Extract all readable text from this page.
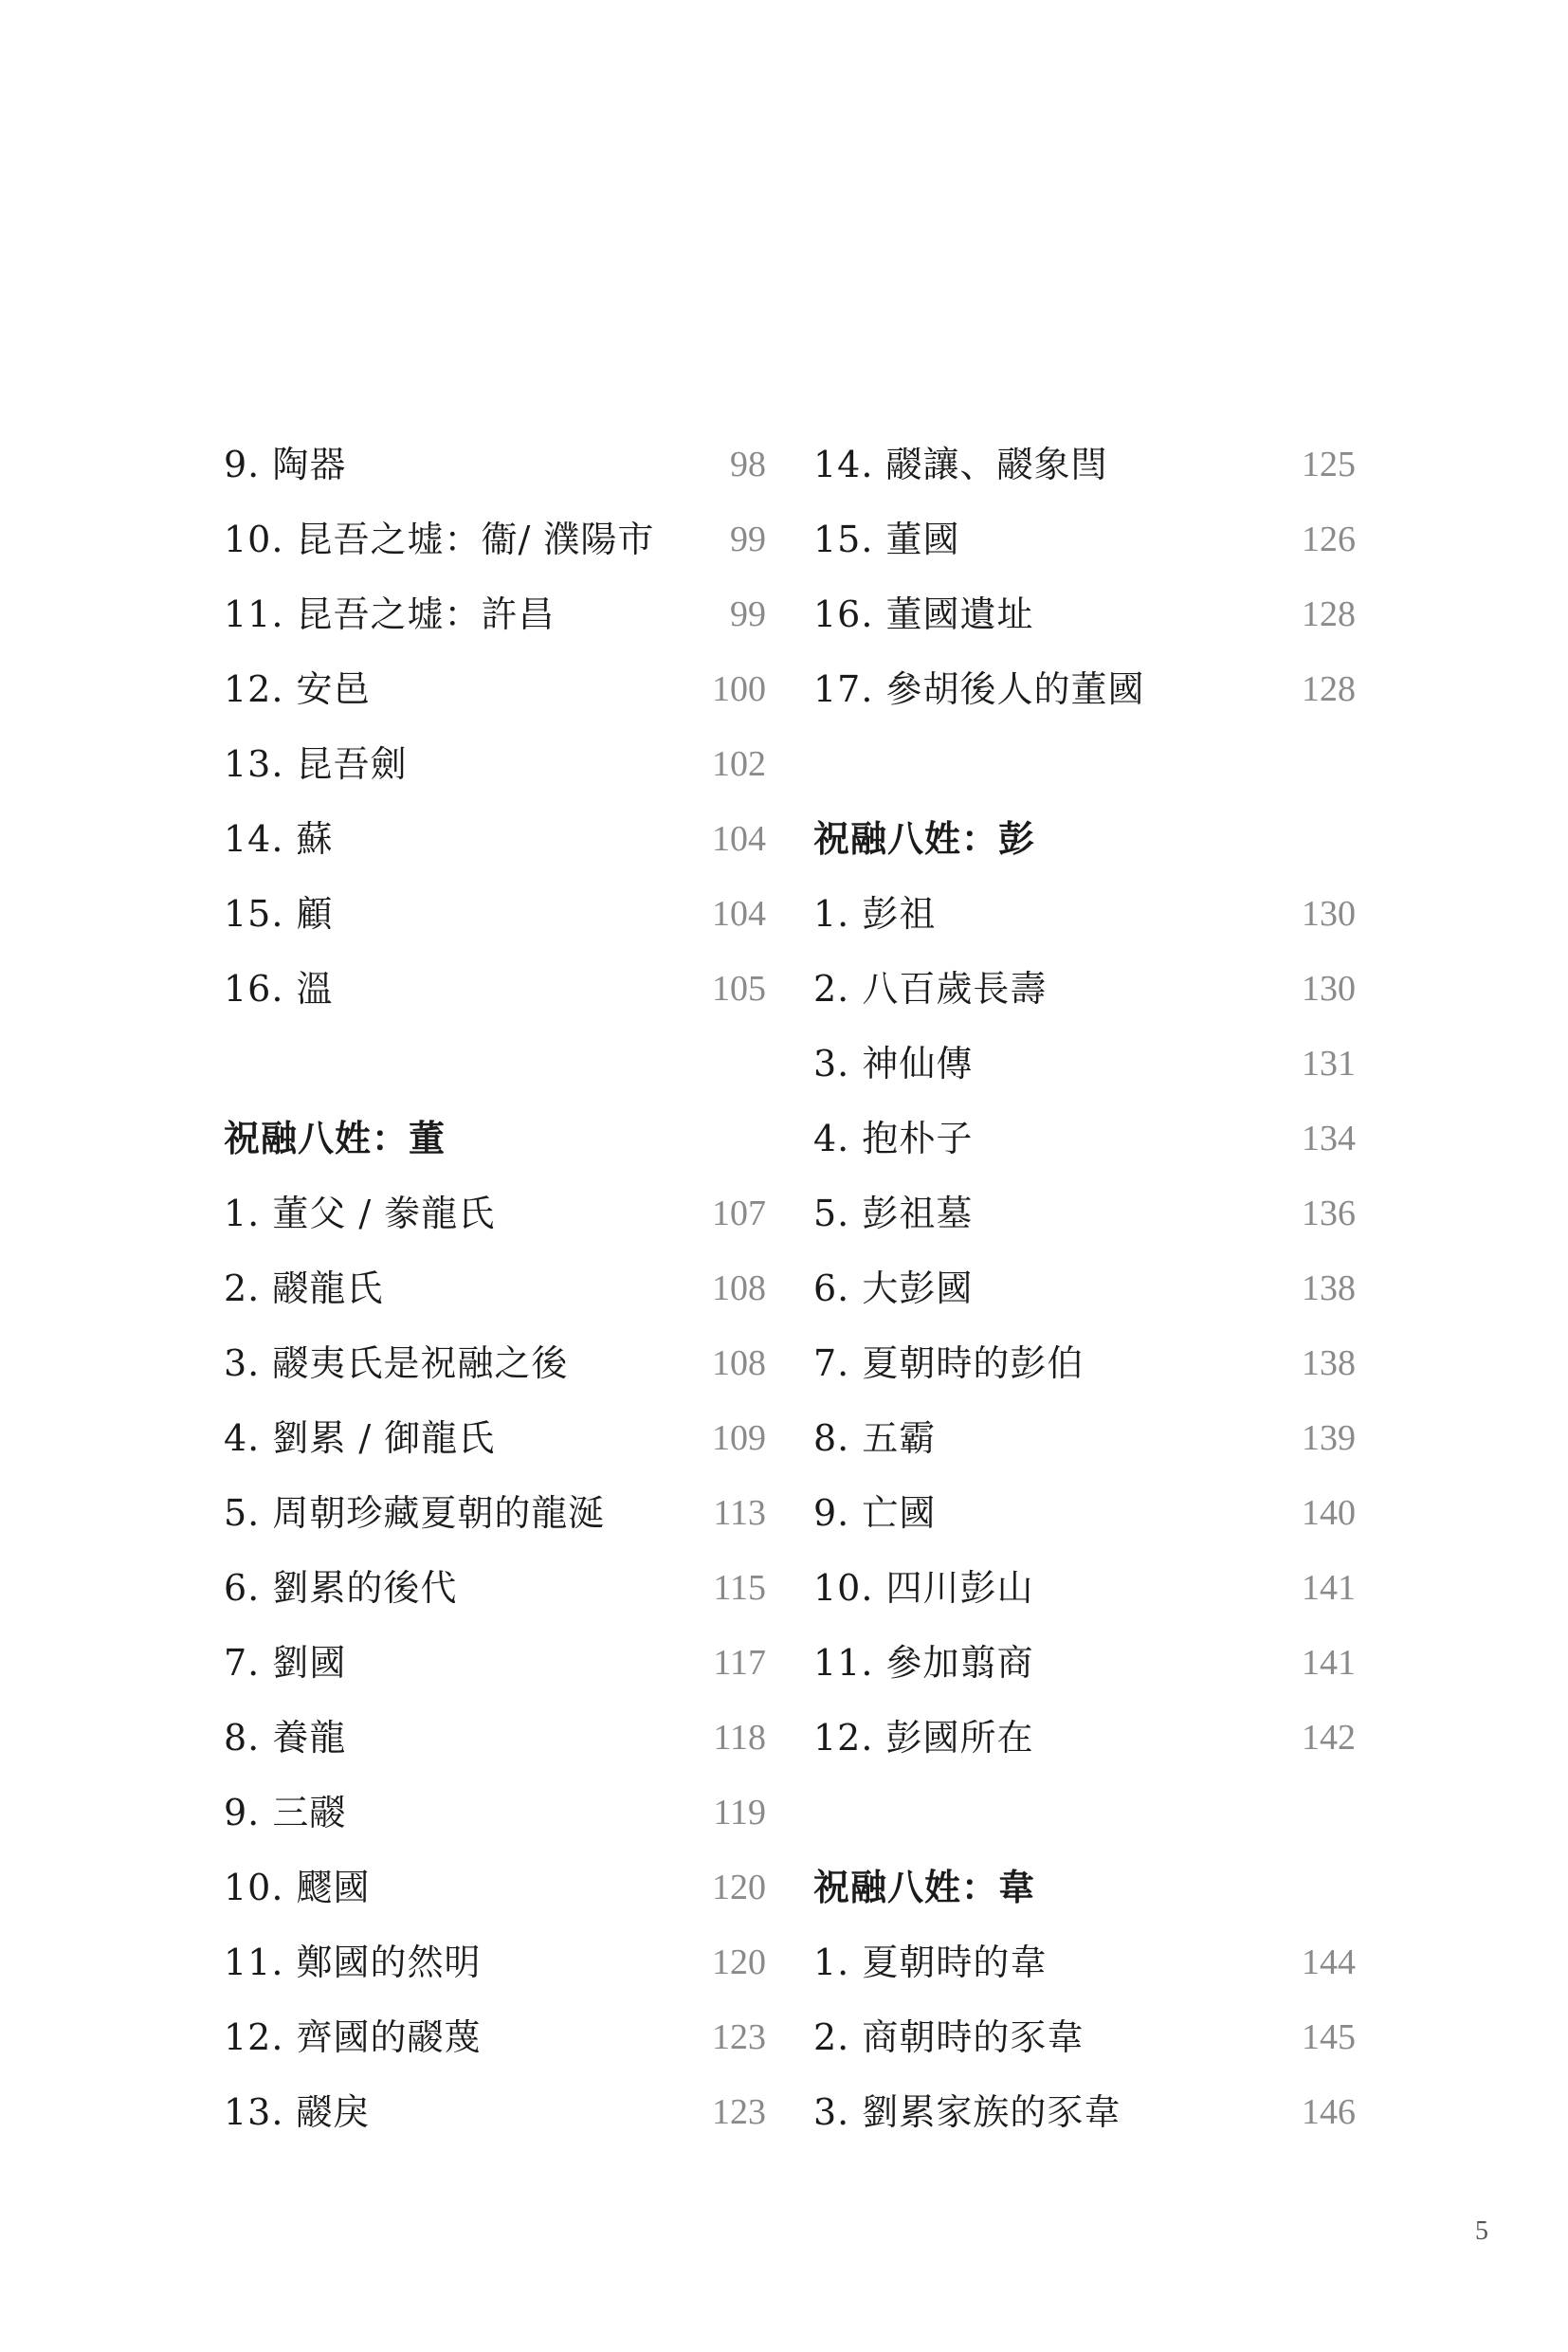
9. 陶器	98
10. 昆吾之墟：衞/ 濮陽市 99
11. 昆吾之墟：許昌	99
12. 安邑	100
13. 昆吾劍	102
14. 蘇	104
15. 顧	104
16. 溫	105
祝融八姓：董
1. 董父 / 豢龍氏	107
2. 鬷龍氏	108
3. 鬷夷氏是祝融之後	108
4. 劉累 / 御龍氏	109
5. 周朝珍藏夏朝的龍涎	113
6. 劉累的後代	115
7. 劉國	117
8. 養龍	118
9. 三鬷	119
10. 飂國	120
11. 鄭國的然明	120
12. 齊國的鬷蔑	123
13. 鬷戾	123
14. 鬷讓、鬷象閆	125
15. 董國	126
16. 董國遺址	128
17. 參胡後人的董國	128
祝融八姓：彭
1. 彭祖	130
2. 八百歲長壽	130
3. 神仙傳	131
4. 抱朴子	134
5. 彭祖墓	136
6. 大彭國	138
7. 夏朝時的彭伯	138
8. 五霸	139
9. 亡國	140
10. 四川彭山	141
11. 參加翦商	141
12. 彭國所在	142
祝融八姓：韋
1. 夏朝時的韋	144
2. 商朝時的豕韋	145
3. 劉累家族的豕韋	146
5
